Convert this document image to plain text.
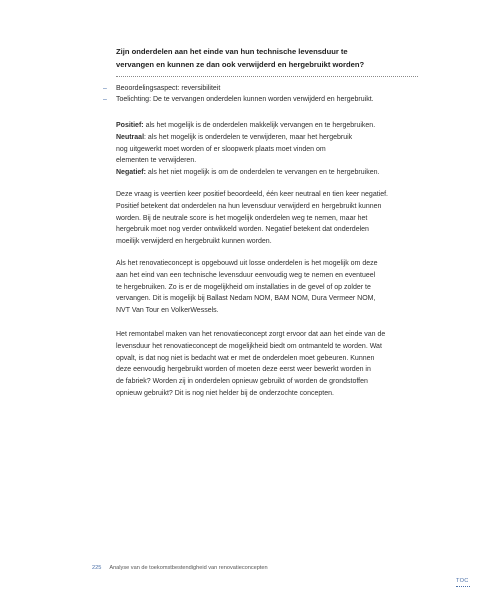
Zijn onderdelen aan het einde van hun technische levensduur te
vervangen en kunnen ze dan ook verwijderd en hergebruikt worden?
–	Beoordelingsaspect: reversibiliteit
–	Toelichting: De te vervangen onderdelen kunnen worden verwijderd en hergebruikt.

Positief: als het mogelijk is de onderdelen makkelijk vervangen en te hergebruiken.

Neutraal: als het mogelijk is onderdelen te verwijderen, maar het hergebruik

nog uitgewerkt moet worden of er sloopwerk plaats moet vinden om

elementen te verwijderen.

Negatief: als het niet mogelijk is om de onderdelen te vervangen en te hergebruiken.

Deze vraag is veertien keer positief beoordeeld, één keer neutraal en tien keer negatief.

Positief betekent dat onderdelen na hun levensduur verwijderd en hergebruikt kunnen

worden. Bij de neutrale score is het mogelijk onderdelen weg te nemen, maar het

hergebruik moet nog verder ontwikkeld worden. Negatief betekent dat onderdelen

moeilijk verwijderd en hergebruikt kunnen worden.

Als het renovatieconcept is opgebouwd uit losse onderdelen is het mogelijk om deze

aan het eind van een technische levensduur eenvoudig weg te nemen en eventueel

te hergebruiken. Zo is er de mogelijkheid om installaties in de gevel of op zolder te

vervangen. Dit is mogelijk bij Ballast Nedam NOM, BAM NOM, Dura Vermeer NOM,

NVT Van Tour en VolkerWessels.

Het remontabel maken van het renovatieconcept zorgt ervoor dat aan het einde van de

levensduur het renovatieconcept de mogelijkheid biedt om ontmanteld te worden. Wat

opvalt, is dat nog niet is bedacht wat er met de onderdelen moet gebeuren. Kunnen

deze eenvoudig hergebruikt worden of moeten deze eerst weer bewerkt worden in

de fabriek? Worden zij in onderdelen opnieuw gebruikt of worden de grondstoffen

opnieuw gebruikt? Dit is nog niet helder bij de onderzochte concepten.

225 Analyse van de toekomstbestendigheid van renovatieconcepten
TOC
